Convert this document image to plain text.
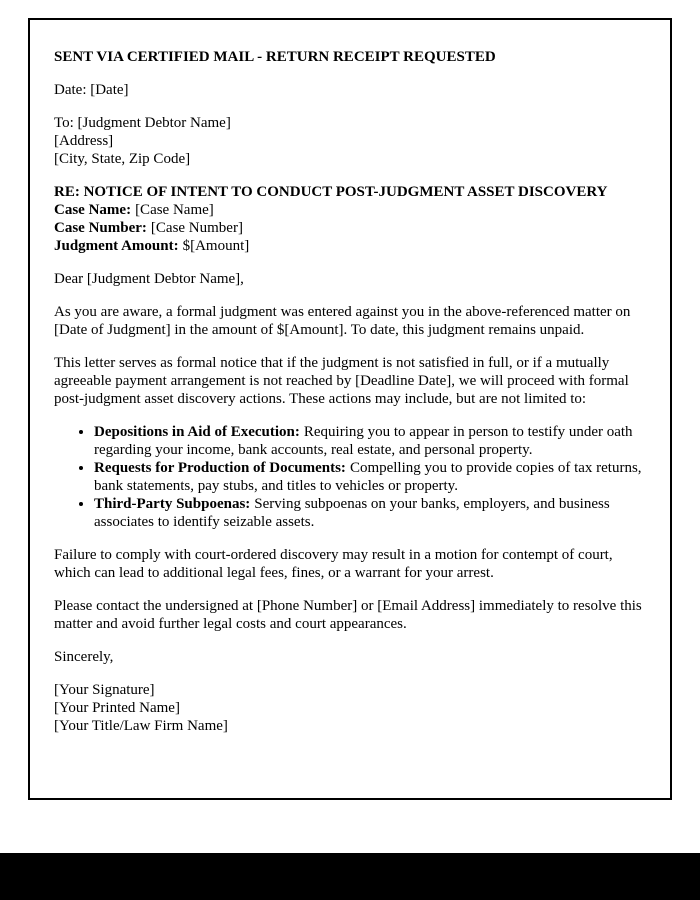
SENT VIA CERTIFIED MAIL - RETURN RECEIPT REQUESTED

Date: [Date]

To: [Judgment Debtor Name]

[Address]

[City, State, Zip Code]

RE: NOTICE OF INTENT TO CONDUCT POST-JUDGMENT ASSET DISCOVERY

Case Name: [Case Name]

Case Number: [Case Number]

Judgment Amount: $[Amount]

Dear [Judgment Debtor Name],

As you are aware, a formal judgment was entered against you in the above-referenced matter on [Date of Judgment] in the amount of $[Amount]. To date, this judgment remains unpaid.

This letter serves as formal notice that if the judgment is not satisfied in full, or if a mutually agreeable payment arrangement is not reached by [Deadline Date], we will proceed with formal post-judgment asset discovery actions. These actions may include, but are not limited to:

• Depositions in Aid of Execution: Requiring you to appear in person to testify under oath regarding your income, bank accounts, real estate, and personal property.
• Requests for Production of Documents: Compelling you to provide copies of tax returns, bank statements, pay stubs, and titles to vehicles or property.
• Third-Party Subpoenas: Serving subpoenas on your banks, employers, and business associates to identify seizable assets.

Failure to comply with court-ordered discovery may result in a motion for contempt of court, which can lead to additional legal fees, fines, or a warrant for your arrest.

Please contact the undersigned at [Phone Number] or [Email Address] immediately to resolve this matter and avoid further legal costs and court appearances.

Sincerely,

[Your Signature]

[Your Printed Name]

[Your Title/Law Firm Name]
